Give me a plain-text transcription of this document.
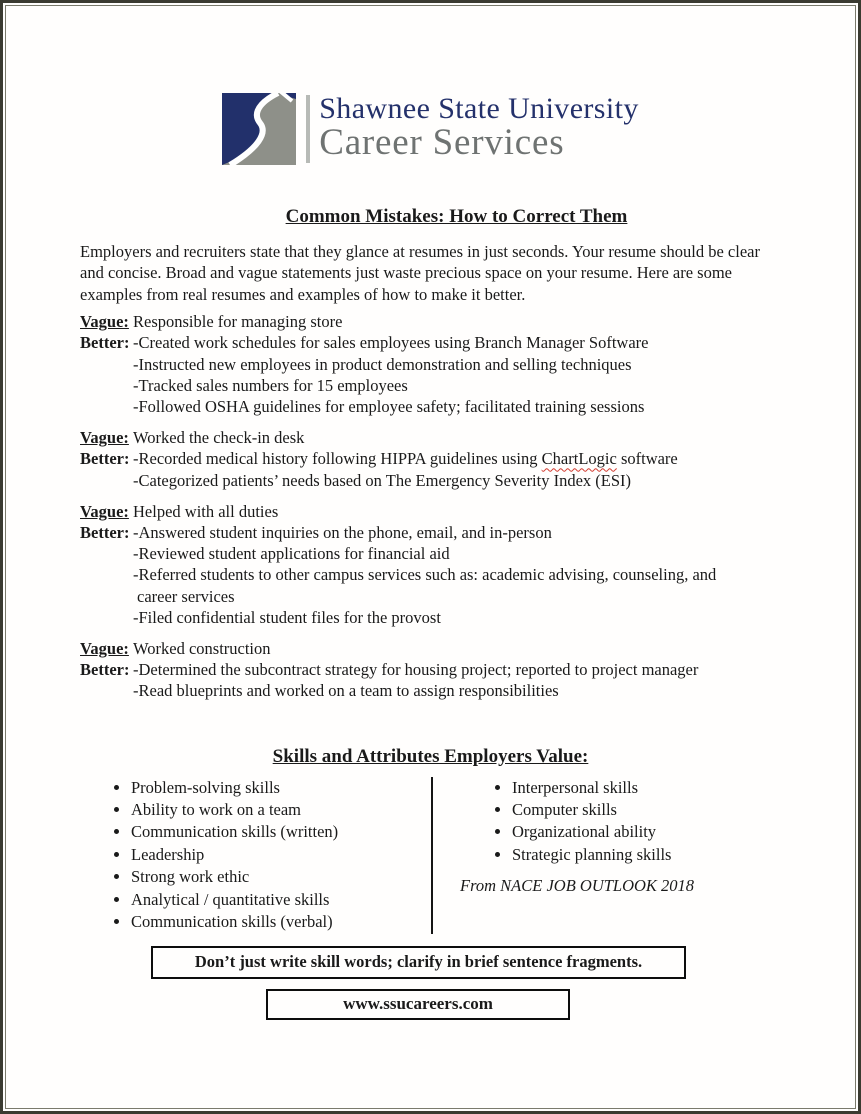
Shawnee State University
Career Services
Common Mistakes: How to Correct Them
Employers and recruiters state that they glance at resumes in just seconds. Your resume should be clear
and concise. Broad and vague statements just waste precious space on your resume. Here are some
examples from real resumes and examples of how to make it better.
Vague: Responsible for managing store
Better: -Created work schedules for sales employees using Branch Manager Software
-Instructed new employees in product demonstration and selling techniques
-Tracked sales numbers for 15 employees
-Followed OSHA guidelines for employee safety; facilitated training sessions
Vague: Worked the check-in desk
Better: -Recorded medical history following HIPPA guidelines using ChartLogic software
-Categorized patients’ needs based on The Emergency Severity Index (ESI)
Vague: Helped with all duties
Better: -Answered student inquiries on the phone, email, and in-person
-Reviewed student applications for financial aid
-Referred students to other campus services such as: academic advising, counseling, and
career services
-Filed confidential student files for the provost
Vague: Worked construction
Better: -Determined the subcontract strategy for housing project; reported to project manager
-Read blueprints and worked on a team to assign responsibilities
Skills and Attributes Employers Value:
• Problem-solving skills
• Ability to work on a team
• Communication skills (written)
• Leadership
• Strong work ethic
• Analytical / quantitative skills
• Communication skills (verbal)
• Interpersonal skills
• Computer skills
• Organizational ability
• Strategic planning skills
From NACE JOB OUTLOOK 2018
Don’t just write skill words; clarify in brief sentence fragments.
www.ssucareers.com
